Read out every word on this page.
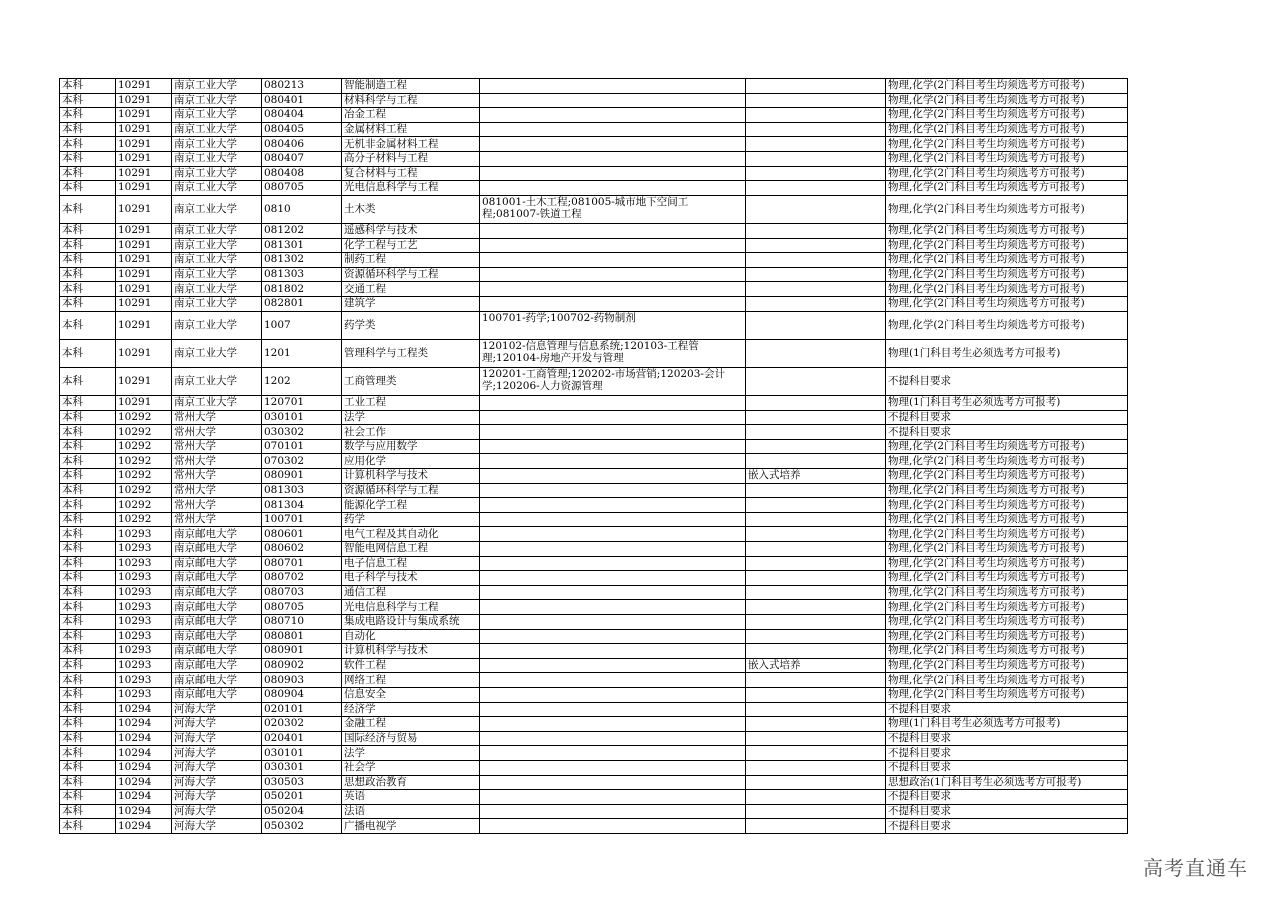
本科	10291	南京工业大学	080213	智能制造工程			物理,化学(2门科目考生均须选考方可报考)
本科	10291	南京工业大学	080401	材料科学与工程			物理,化学(2门科目考生均须选考方可报考)
本科	10291	南京工业大学	080404	冶金工程			物理,化学(2门科目考生均须选考方可报考)
本科	10291	南京工业大学	080405	金属材料工程			物理,化学(2门科目考生均须选考方可报考)
本科	10291	南京工业大学	080406	无机非金属材料工程			物理,化学(2门科目考生均须选考方可报考)
本科	10291	南京工业大学	080407	高分子材料与工程			物理,化学(2门科目考生均须选考方可报考)
本科	10291	南京工业大学	080408	复合材料与工程			物理,化学(2门科目考生均须选考方可报考)
本科	10291	南京工业大学	080705	光电信息科学与工程			物理,化学(2门科目考生均须选考方可报考)
本科	10291	南京工业大学	0810	土木类	081001-土木工程;081005-城市地下空间工程;081007-铁道工程		物理,化学(2门科目考生均须选考方可报考)
本科	10291	南京工业大学	081202	遥感科学与技术			物理,化学(2门科目考生均须选考方可报考)
本科	10291	南京工业大学	081301	化学工程与工艺			物理,化学(2门科目考生均须选考方可报考)
本科	10291	南京工业大学	081302	制药工程			物理,化学(2门科目考生均须选考方可报考)
本科	10291	南京工业大学	081303	资源循环科学与工程			物理,化学(2门科目考生均须选考方可报考)
本科	10291	南京工业大学	081802	交通工程			物理,化学(2门科目考生均须选考方可报考)
本科	10291	南京工业大学	082801	建筑学			物理,化学(2门科目考生均须选考方可报考)
本科	10291	南京工业大学	1007	药学类	100701-药学;100702-药物制剂		物理,化学(2门科目考生均须选考方可报考)
本科	10291	南京工业大学	1201	管理科学与工程类	120102-信息管理与信息系统;120103-工程管理;120104-房地产开发与管理		物理(1门科目考生必须选考方可报考)
本科	10291	南京工业大学	1202	工商管理类	120201-工商管理;120202-市场营销;120203-会计学;120206-人力资源管理		不提科目要求
本科	10291	南京工业大学	120701	工业工程			物理(1门科目考生必须选考方可报考)
本科	10292	常州大学	030101	法学			不提科目要求
本科	10292	常州大学	030302	社会工作			不提科目要求
本科	10292	常州大学	070101	数学与应用数学			物理,化学(2门科目考生均须选考方可报考)
本科	10292	常州大学	070302	应用化学			物理,化学(2门科目考生均须选考方可报考)
本科	10292	常州大学	080901	计算机科学与技术		嵌入式培养	物理,化学(2门科目考生均须选考方可报考)
本科	10292	常州大学	081303	资源循环科学与工程			物理,化学(2门科目考生均须选考方可报考)
本科	10292	常州大学	081304	能源化学工程			物理,化学(2门科目考生均须选考方可报考)
本科	10292	常州大学	100701	药学			物理,化学(2门科目考生均须选考方可报考)
本科	10293	南京邮电大学	080601	电气工程及其自动化			物理,化学(2门科目考生均须选考方可报考)
本科	10293	南京邮电大学	080602	智能电网信息工程			物理,化学(2门科目考生均须选考方可报考)
本科	10293	南京邮电大学	080701	电子信息工程			物理,化学(2门科目考生均须选考方可报考)
本科	10293	南京邮电大学	080702	电子科学与技术			物理,化学(2门科目考生均须选考方可报考)
本科	10293	南京邮电大学	080703	通信工程			物理,化学(2门科目考生均须选考方可报考)
本科	10293	南京邮电大学	080705	光电信息科学与工程			物理,化学(2门科目考生均须选考方可报考)
本科	10293	南京邮电大学	080710	集成电路设计与集成系统			物理,化学(2门科目考生均须选考方可报考)
本科	10293	南京邮电大学	080801	自动化			物理,化学(2门科目考生均须选考方可报考)
本科	10293	南京邮电大学	080901	计算机科学与技术			物理,化学(2门科目考生均须选考方可报考)
本科	10293	南京邮电大学	080902	软件工程		嵌入式培养	物理,化学(2门科目考生均须选考方可报考)
本科	10293	南京邮电大学	080903	网络工程			物理,化学(2门科目考生均须选考方可报考)
本科	10293	南京邮电大学	080904	信息安全			物理,化学(2门科目考生均须选考方可报考)
本科	10294	河海大学	020101	经济学			不提科目要求
本科	10294	河海大学	020302	金融工程			物理(1门科目考生必须选考方可报考)
本科	10294	河海大学	020401	国际经济与贸易			不提科目要求
本科	10294	河海大学	030101	法学			不提科目要求
本科	10294	河海大学	030301	社会学			不提科目要求
本科	10294	河海大学	030503	思想政治教育			思想政治(1门科目考生必须选考方可报考)
本科	10294	河海大学	050201	英语			不提科目要求
本科	10294	河海大学	050204	法语			不提科目要求
本科	10294	河海大学	050302	广播电视学			不提科目要求
高考直通车
